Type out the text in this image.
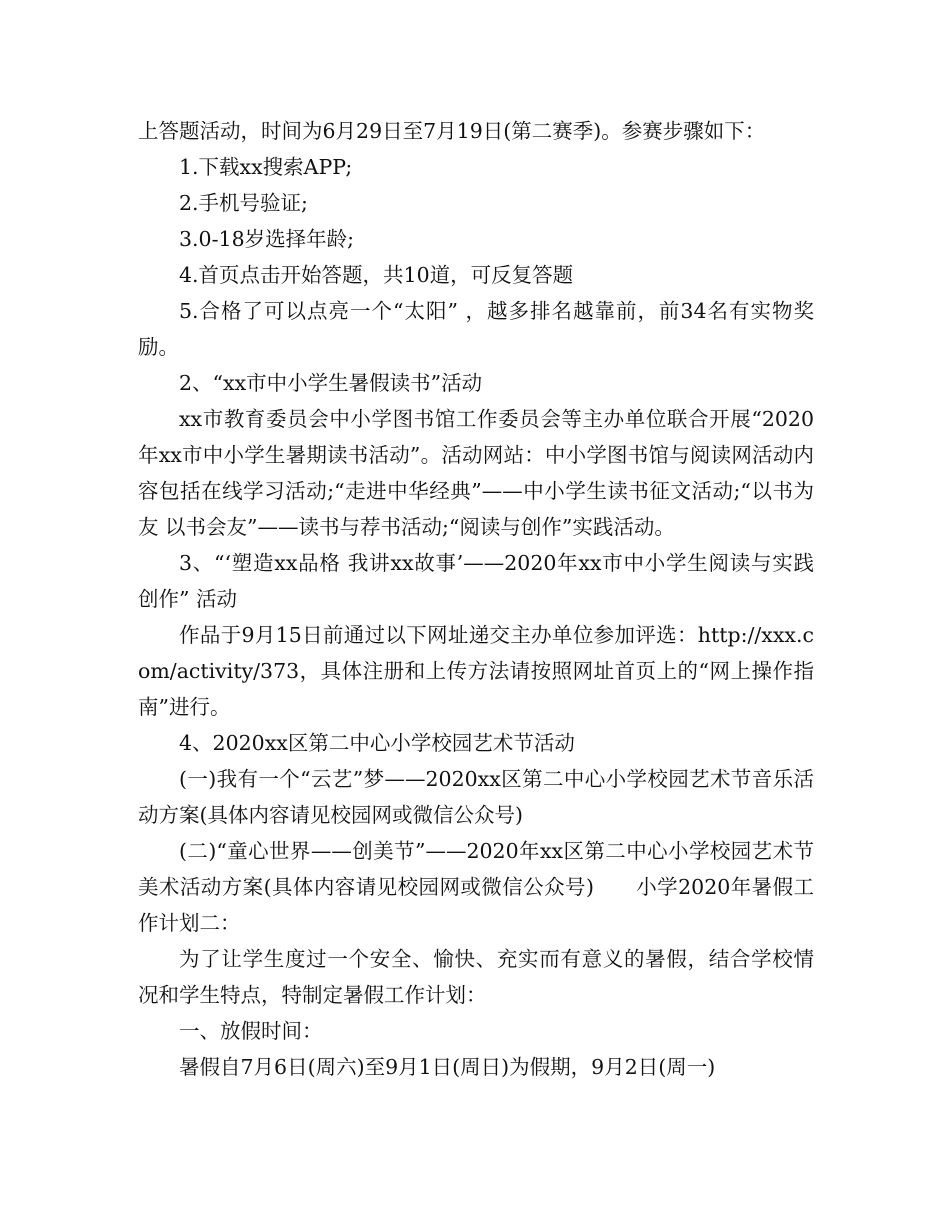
上答题活动，时间为6月29日至7月19日(第二赛季)。参赛步骤如下：

1.下载xx搜索APP;

2.手机号验证;

3.0-18岁选择年龄;

4.首页点击开始答题，共10道，可反复答题

5.合格了可以点亮一个“太阳” ，越多排名越靠前，前34名有实物奖励。

2、“xx市中小学生暑假读书”活动

xx市教育委员会中小学图书馆工作委员会等主办单位联合开展“2020年xx市中小学生暑期读书活动”。活动网站：中小学图书馆与阅读网活动内容包括在线学习活动;“走进中华经典”——中小学生读书征文活动;“以书为友 以书会友”——读书与荐书活动;“阅读与创作”实践活动。

3、“‘塑造xx品格 我讲xx故事’——2020年xx市中小学生阅读与实践创作” 活动

作品于9月15日前通过以下网址递交主办单位参加评选：http://xxx.com/activity/373，具体注册和上传方法请按照网址首页上的“网上操作指南”进行。

4、2020xx区第二中心小学校园艺术节活动

(一)我有一个“云艺”梦——2020xx区第二中心小学校园艺术节音乐活动方案(具体内容请见校园网或微信公众号)

(二)“童心世界——创美节”——2020年xx区第二中心小学校园艺术节美术活动方案(具体内容请见校园网或微信公众号)　　小学2020年暑假工作计划二：

为了让学生度过一个安全、愉快、充实而有意义的暑假，结合学校情况和学生特点，特制定暑假工作计划：

一、放假时间：

暑假自7月6日(周六)至9月1日(周日)为假期，9月2日(周一)
